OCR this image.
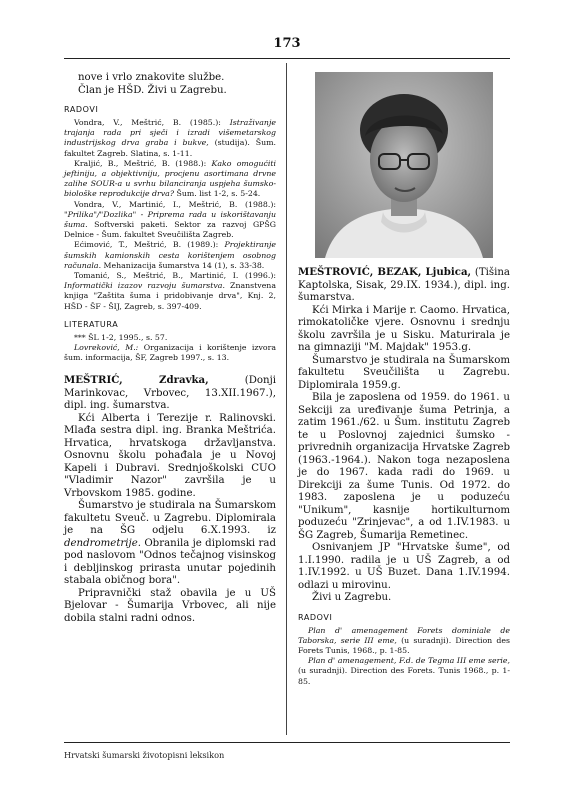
173

nove i vrlo znakovite službe.

Član je HŠD. Živi u Zagrebu.

RADOVI

Vondra, V., Meštrić, B. (1985.): Istraživanje trajanja rada pri sječi i izradi višemetarskog industrijskog drva graba i bukve, (studija). Šum. fakultet Zagreb. Slatina, s. 1-11.

Kraljić, B., Meštrić, B. (1988.): Kako omogućiti jeftiniju, a objektivniju, procjenu asortimana drvne zalihe SOUR-a u svrhu bilanciranja uspjeha šumsko-biološke reprodukcije drva? Šum. list 1-2, s. 5-24.

Vondra, V., Martinić, I., Meštrić, B. (1988.): "Prilika"/"Dozlika" - Priprema rada u iskorištavanju šuma. Softverski paketi. Sektor za razvoj GPŠG Delnice - Šum. fakultet Sveučilišta Zagreb.

Ećimović, T., Meštrić, B. (1989.): Projektiranje šumskih kamionskih cesta korištenjem osobnog računala. Mehanizacija šumarstva 14 (1), s. 33-38.

Tomanić, S., Meštrić, B., Martinić, I. (1996.): Informatički izazov razvoju šumarstva. Znanstvena knjiga "Zaštita šuma i pridobivanje drva", Knj. 2, HŠD - ŠF - ŠIJ, Zagreb, s. 397-409.

LITERATURA

*** ŠL 1-2, 1995., s. 57.

Lovreković, M.: Organizacija i korištenje izvora šum. informacija, ŠF, Zagreb 1997., s. 13.

MEŠTRIĆ, Zdravka, (Donji Marinkovac, Vrbovec, 13.XII.1967.), dipl. ing. šumarstva.

Kći Alberta i Terezije r. Ralinovski. Mlađa sestra dipl. ing. Branka Meštrića. Hrvatica, hrvatskoga državljanstva. Osnovnu školu pohađala je u Novoj Kapeli i Dubravi. Srednjoškolski CUO "Vladimir Nazor" završila je u Vrbovskom 1985. godine.

Šumarstvo je studirala na Šumarskom fakultetu Sveuč. u Zagrebu. Diplomirala je na ŠG odjelu 6.X.1993. iz dendrometrije. Obranila je diplomski rad pod naslovom "Odnos tečajnog visinskog i debljinskog prirasta unutar pojedinih stabala običnog bora".

Pripravnički staž obavila je u UŠ Bjelovar - Šumarija Vrbovec, ali nije dobila stalni radni odnos.

MEŠTROVIĆ, BEZAK, Ljubica, (Tišina Kaptolska, Sisak, 29.IX. 1934.), dipl. ing. šumarstva.

Kći Mirka i Marije r. Caomo. Hrvatica, rimokatoličke vjere. Osnovnu i srednju školu završila je u Sisku. Maturirala je na gimnaziji "M. Majdak" 1953.g.

Šumarstvo je studirala na Šumarskom fakultetu Sveučilišta u Zagrebu. Diplomirala 1959.g.

Bila je zaposlena od 1959. do 1961. u Sekciji za uređivanje šuma Petrinja, a zatim 1961./62. u Šum. institutu Zagreb te u Poslovnoj zajednici šumsko - privrednih organizacija Hrvatske Zagreb (1963.-1964.). Nakon toga nezaposlena je do 1967. kada radi do 1969. u Direkciji za šume Tunis. Od 1972. do 1983. zaposlena je u poduzeću "Unikum", kasnije hortikulturnom poduzeću "Zrinjevac", a od 1.IV.1983. u ŠG Zagreb, Šumarija Remetinec.

Osnivanjem JP "Hrvatske šume", od 1.I.1990. radila je u UŠ Zagreb, a od 1.IV.1992. u UŠ Buzet. Dana 1.IV.1994. odlazi u mirovinu.

Živi u Zagrebu.

RADOVI

Plan d' amenagement Forets dominiale de Taborska, serie III eme, (u suradnji). Direction des Forets Tunis, 1968., p. 1-85.

Plan d' amenagement, F.d. de Tegma III eme serie, (u suradnji). Direction des Forets. Tunis 1968., p. 1-85.

Hrvatski šumarski životopisni leksikon
